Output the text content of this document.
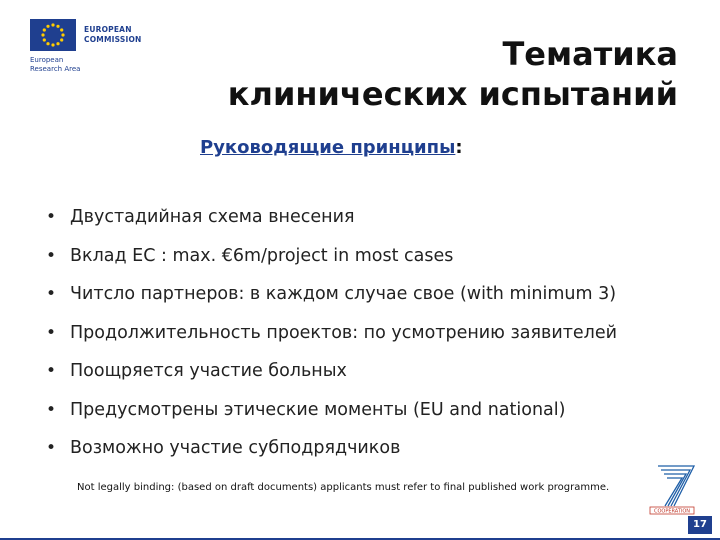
EUROPEAN
COMMISSION
European
Research Area	Тематика
клинических испытаний
Руководящие принципы:
• Двустадийная схема внесения
• Вклад ЕС : max. €6m/project in most cases
• Читсло партнеров: в каждом случае свое (with minimum 3)
• Продолжительность проектов: по усмотрению заявителей
• Поощряется участие больных
• Предусмотрены этические моменты (EU and national)
• Возможно участие субподрядчиков
Not legally binding: (based on draft documents) applicants must refer to final published work programme.
COOPERATION
17
